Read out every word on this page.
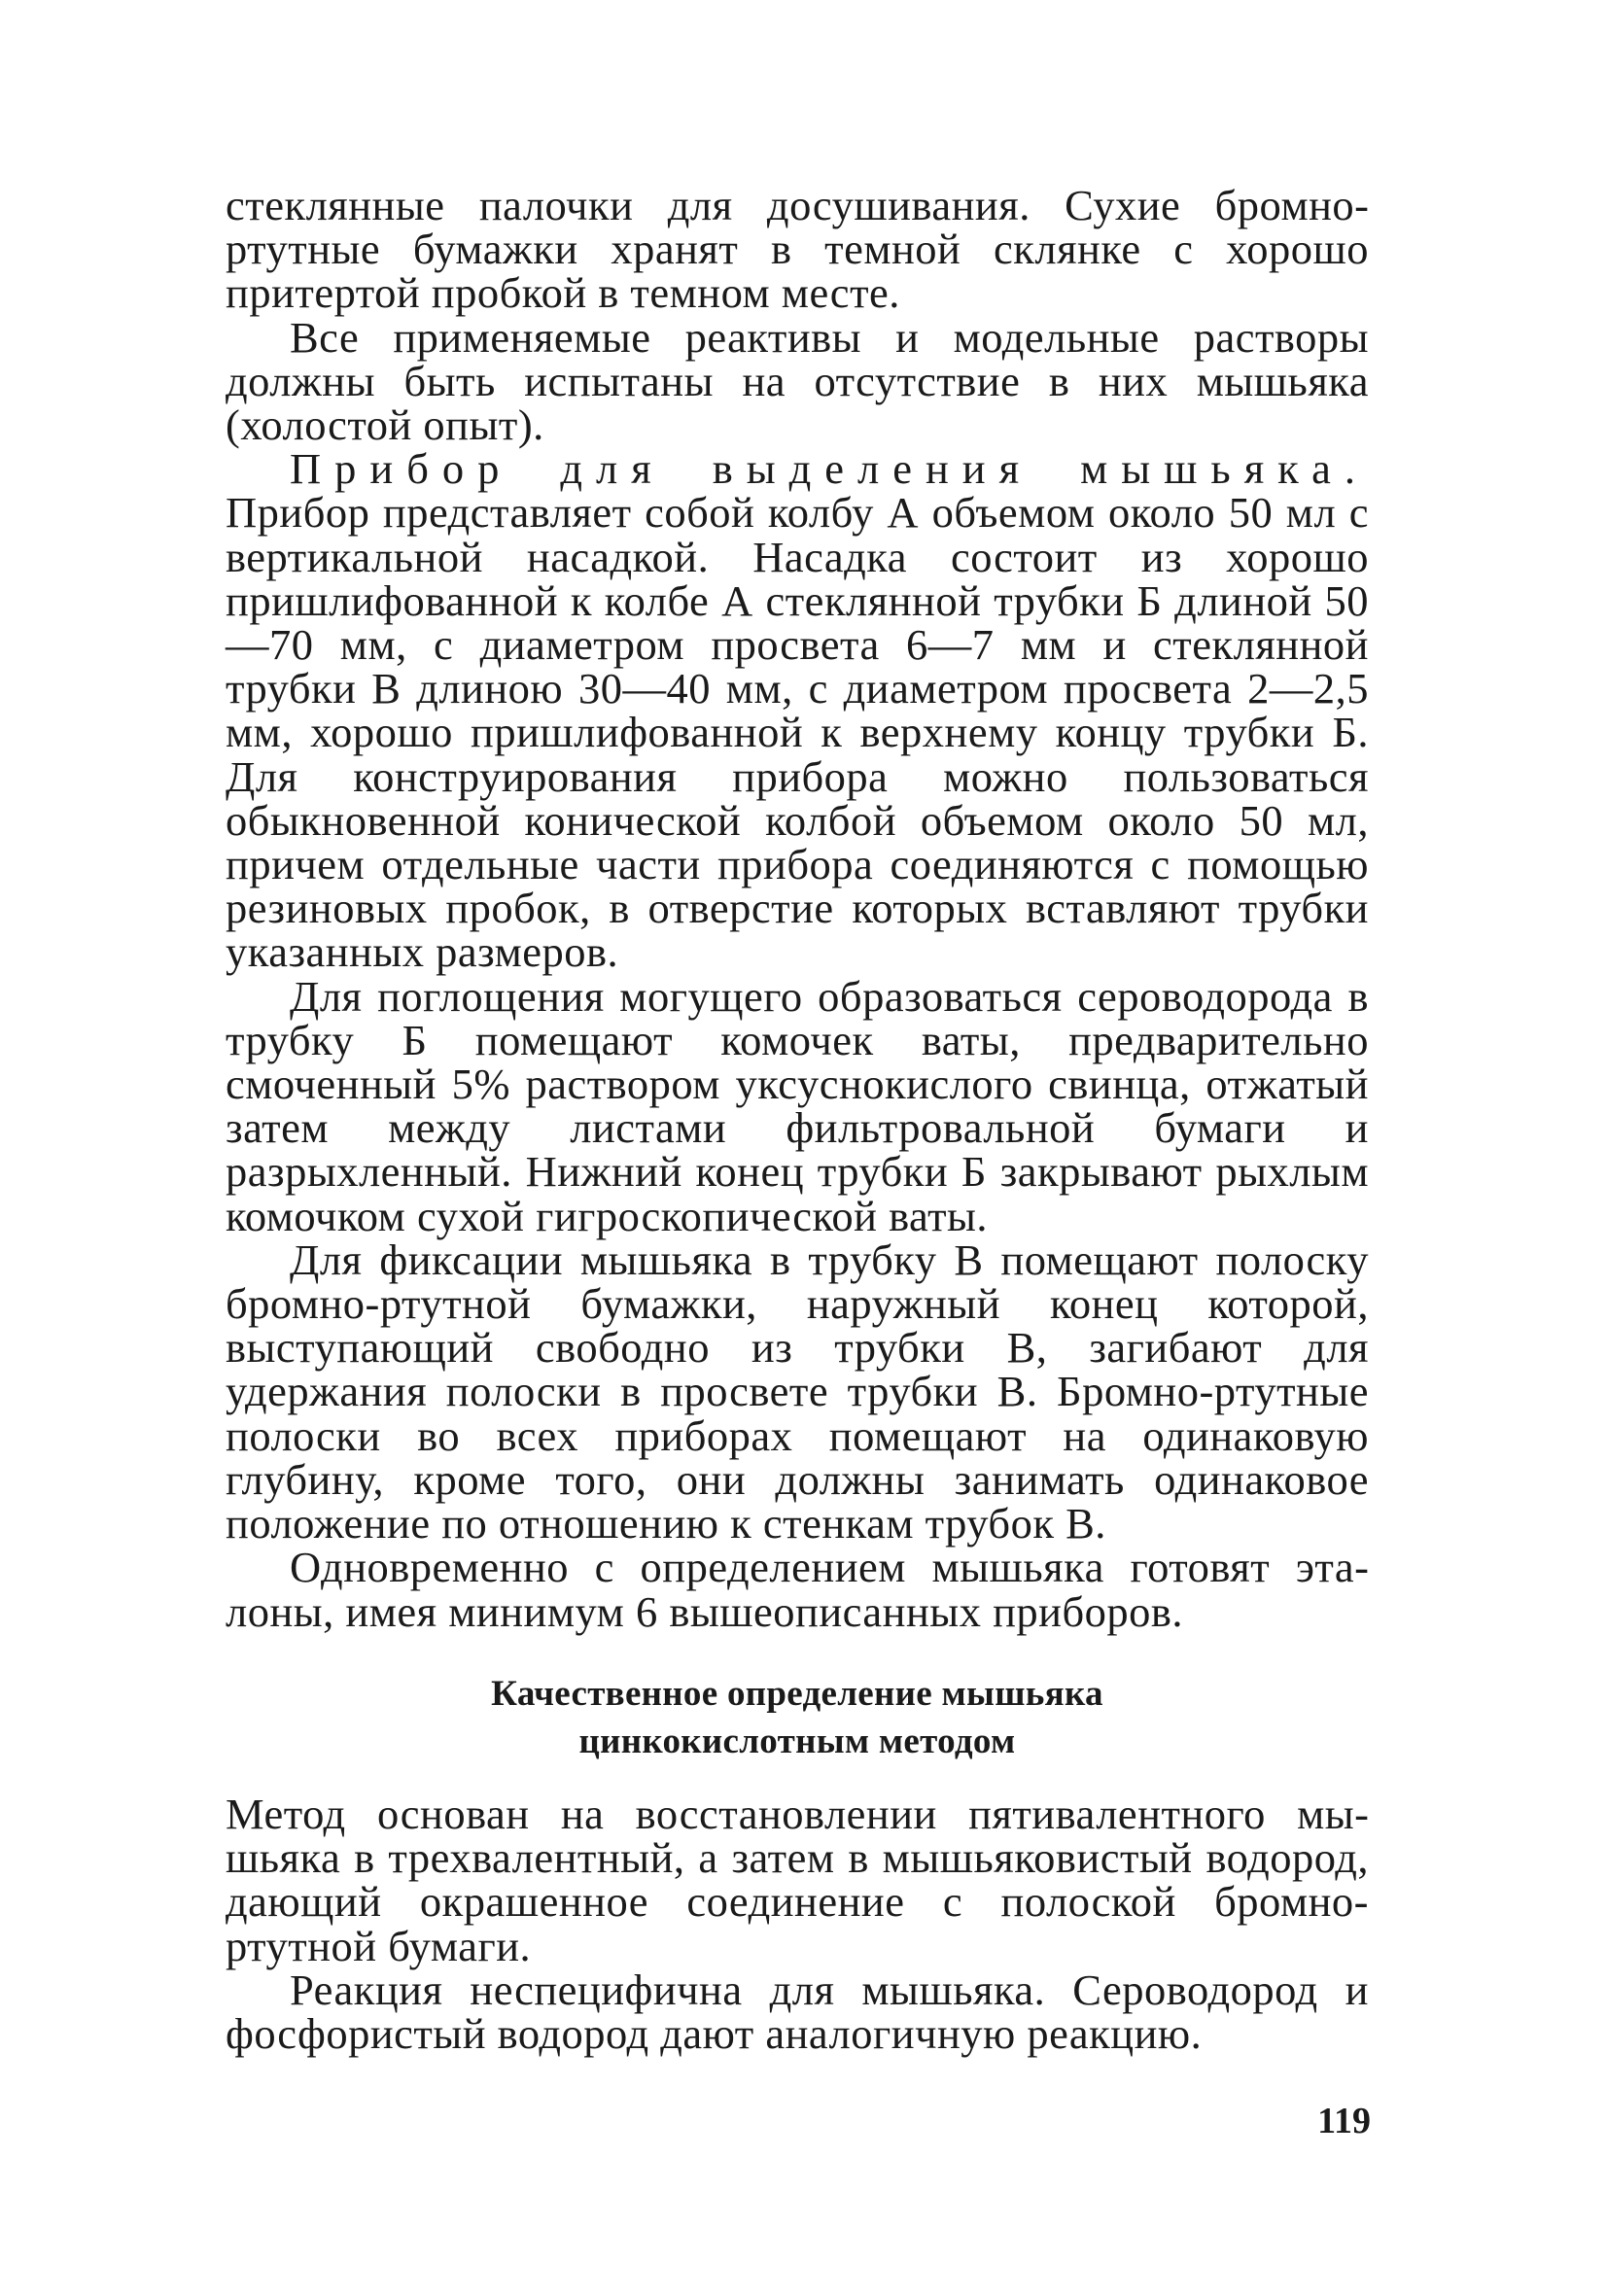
стеклянные палочки для досушивания. Сухие бромнортутные бумажки хранят в темной склянке с хорошо притертой пробкой в темном месте.

Все применяемые реактивы и модельные растворы должны быть испытаны на отсутствие в них мышьяка (холостой опыт).

Прибор для выделения мышьяка. Прибор представляет собой колбу А объемом около 50 мл с вертикальной насадкой. Насадка состоит из хорошо пришлифованной к колбе А стеклянной трубки Б длиной 50—70 мм, с диаметром просвета 6—7 мм и стеклянной трубки В длиною 30—40 мм, с диаметром просвета 2—2,5 мм, хорошо пришлифованной к верхнему концу трубки Б. Для конструирования прибора можно пользоваться обыкновенной конической колбой объемом около 50 мл, причем отдельные части прибора соединяются с помощью резиновых пробок, в отверстие которых вставляют трубки указанных размеров.

Для поглощения могущего образоваться сероводорода в трубку Б помещают комочек ваты, предварительно смоченный 5% раствором уксуснокислого свинца, отжатый затем между листами фильтровальной бумаги и разрыхленный. Нижний конец трубки Б закрывают рыхлым комочком сухой гигроскопической ваты.

Для фиксации мышьяка в трубку В помещают полоску бромно-ртутной бумажки, наружный конец которой, выступающий свободно из трубки В, загибают для удержания полоски в просвете трубки В. Бромно-ртутные полоски во всех приборах помещают на одинаковую глубину, кроме того, они должны занимать одинаковое положение по отношению к стенкам трубок В.

Одновременно с определением мышьяка готовят эталоны, имея минимум 6 вышеописанных приборов.

Качественное определение мышьяка
цинкокислотным методом

Метод основан на восстановлении пятивалентного мышьяка в трехвалентный, а затем в мышьяковистый водород, дающий окрашенное соединение с полоской бромно-ртутной бумаги.

Реакция неспецифична для мышьяка. Сероводород и фосфористый водород дают аналогичную реакцию.

119
